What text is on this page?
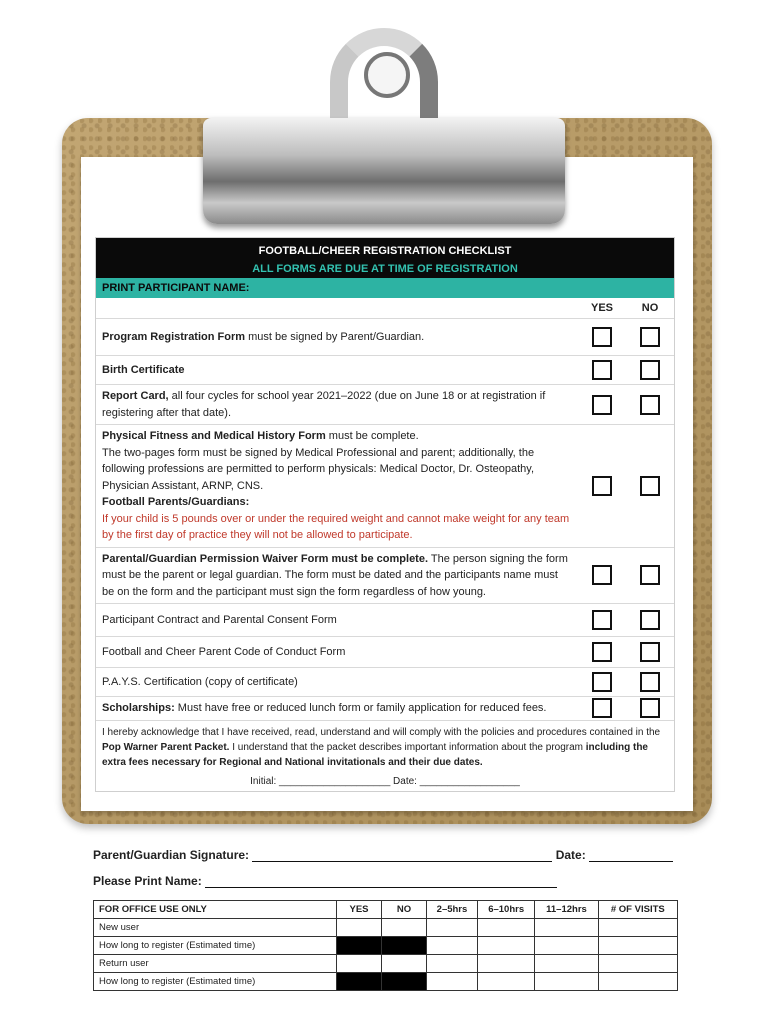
FOOTBALL/CHEER REGISTRATION CHECKLIST
ALL FORMS ARE DUE AT TIME OF REGISTRATION
PRINT PARTICIPANT NAME:
YES	NO
Program Registration Form must be signed by Parent/Guardian.
Birth Certificate
Report Card, all four cycles for school year 2021–2022 (due on June 18 or at registration if registering after that date).
Physical Fitness and Medical History Form must be complete.
The two-pages form must be signed by Medical Professional and parent; additionally, the following professions are permitted to perform physicals: Medical Doctor, Dr. Osteopathy, Physician Assistant, ARNP, CNS.
Football Parents/Guardians:
If your child is 5 pounds over or under the required weight and cannot make weight for any team by the first day of practice they will not be allowed to participate.
Parental/Guardian Permission Waiver Form must be complete. The person signing the form must be the parent or legal guardian. The form must be dated and the participants name must be on the form and the participant must sign the form regardless of how young.
Participant Contract and Parental Consent Form
Football and Cheer Parent Code of Conduct Form
P.A.Y.S. Certification (copy of certificate)
Scholarships: Must have free or reduced lunch form or family application for reduced fees.
I hereby acknowledge that I have received, read, understand and will comply with the policies and procedures contained in the Pop Warner Parent Packet. I understand that the packet describes important information about the program including the extra fees necessary for Regional and National invitationals and their due dates.
Initial: ____________________ Date: __________________
Parent/Guardian Signature:	Date:
Please Print Name:
FOR OFFICE USE ONLY	YES	NO	2–5hrs	6–10hrs	11–12hrs	# OF VISITS
New user						
How long to register (Estimated time)						
Return user						
How long to register (Estimated time)						
